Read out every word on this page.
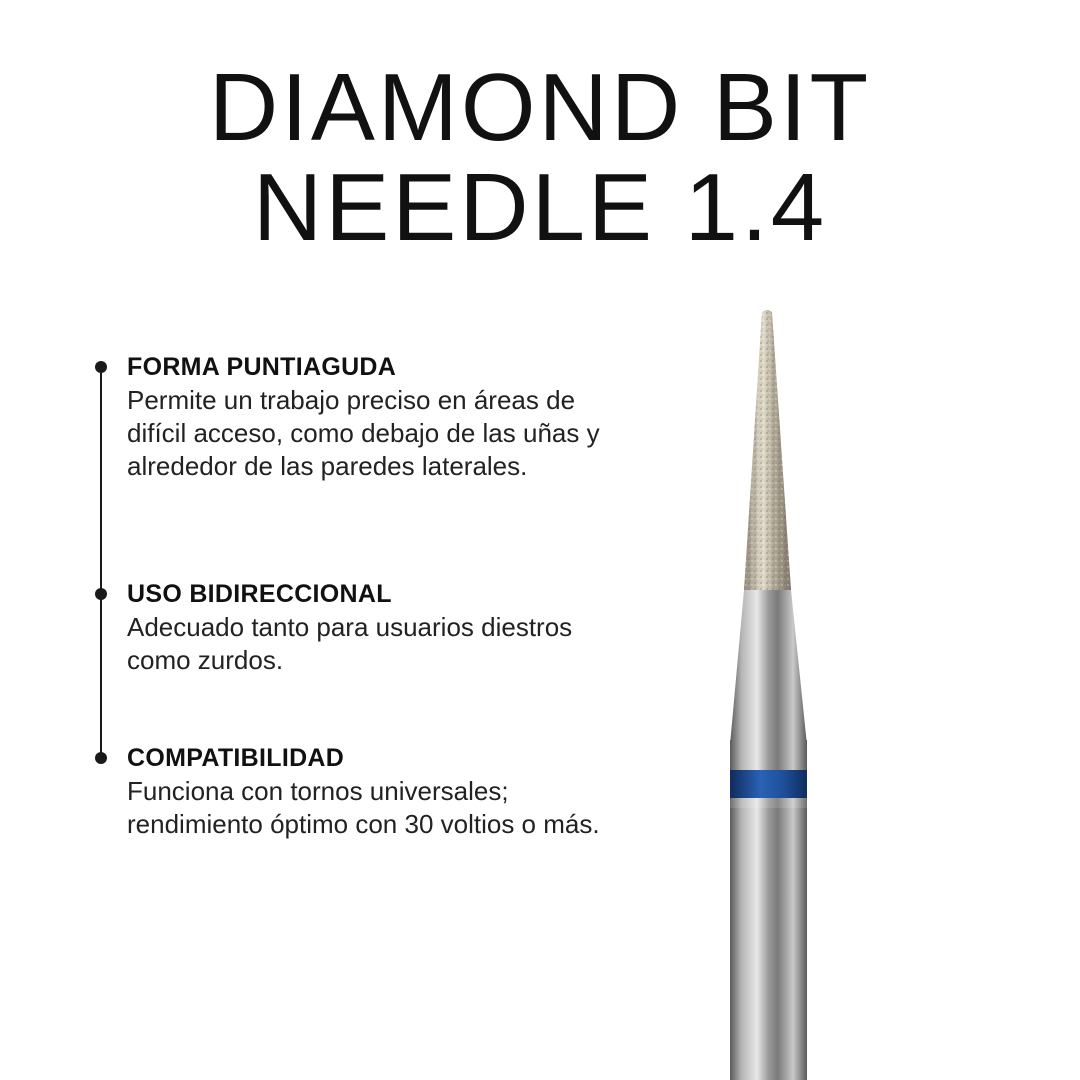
DIAMOND BIT
NEEDLE 1.4
FORMA PUNTIAGUDA

Permite un trabajo preciso en áreas de difícil acceso, como debajo de las uñas y alrededor de las paredes laterales.

USO BIDIRECCIONAL

Adecuado tanto para usuarios diestros como zurdos.

COMPATIBILIDAD

Funciona con tornos universales; rendimiento óptimo con 30 voltios o más.
